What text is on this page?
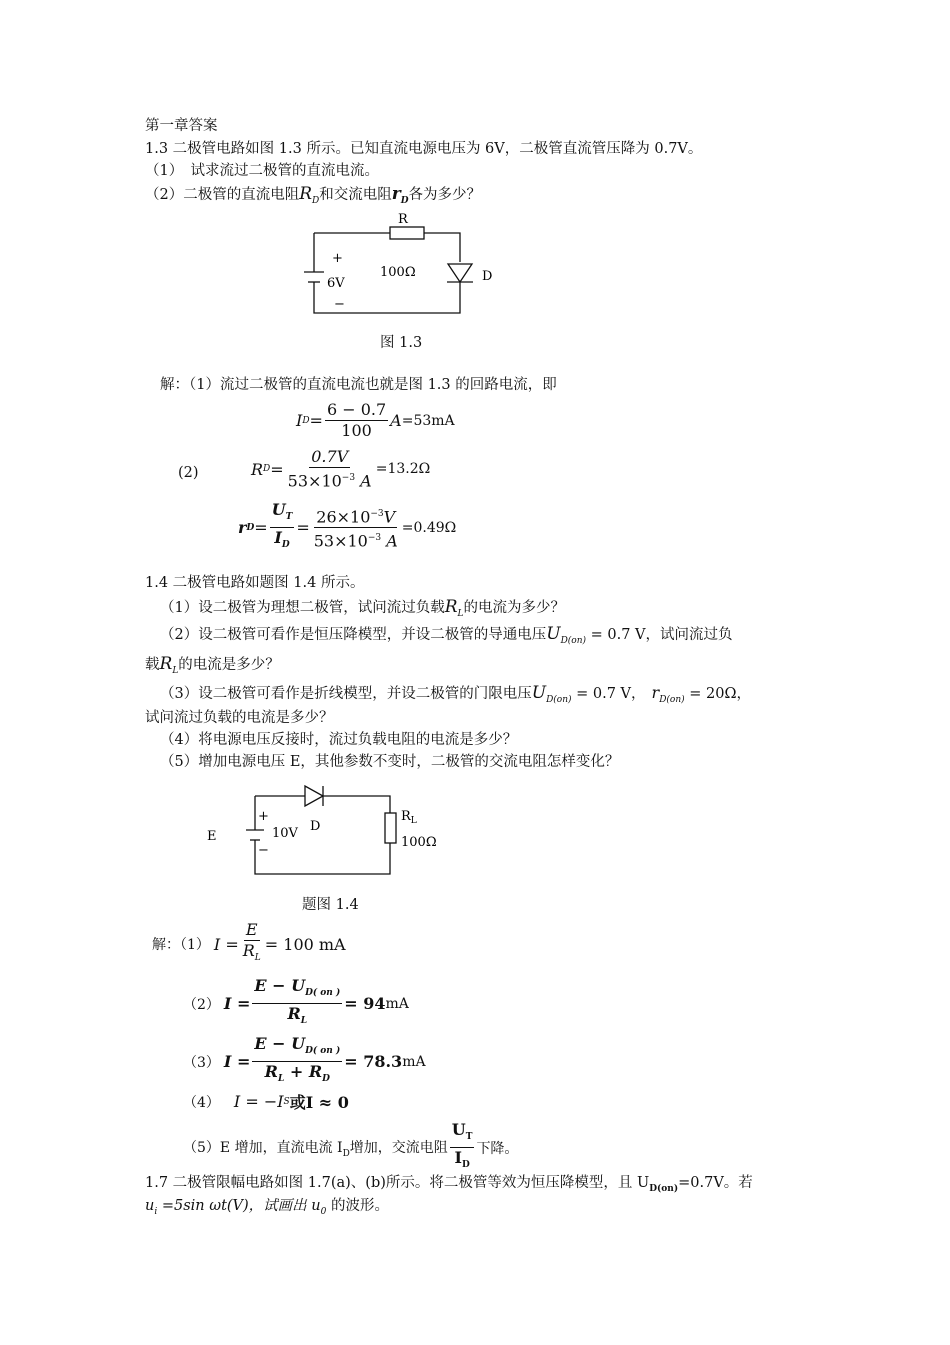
第一章答案
1.3 二极管电路如图 1.3 所示。已知直流电源电压为 6V，二极管直流管压降为 0.7V。
（1）　试求流过二极管的直流电流。
（2）二极管的直流电阻$R_D$和交流电阻$r_D$各为多少？
R
+
6V
−
100Ω	D
图 1.3
解：（1）流过二极管的直流电流也就是图 1.3 的回路电流，即
I $D = \frac{6 - 0.7}{100}$ A =53mA
(2)	R $D = \frac{0.7V}{53\times 10^{-3} A} =13.2\Omega$
r $D = \frac{U_T}{I_D} = \frac{26\times 10^{-3}V}{53\times 10^{-3} A} =0.49\Omega$
1.4 二极管电路如题图 1.4 所示。
（1）设二极管为理想二极管，试问流过负载$R_L$的电流为多少？
（2）设二极管可看作是恒压降模型，并设二极管的导通电压$U_{D(on)} = 0.7$ V，试问流过负
载$R_L$的电流是多少？
（3）设二极管可看作是折线模型，并设二极管的门限电压$U_{D(on)} = 0.7$ V， $r_{D(on)} = 20\Omega$，
试问流过负载的电流是多少？
（4）将电源电压反接时，流过负载电阻的电流是多少？
（5）增加电源电压 E，其他参数不变时，二极管的交流电阻怎样变化？
E
+
10V
−
D
$R_L$
100Ω
题图 1.4
解：（1） $I = \frac{E}{R_L} = 100$ mA
（2） $I = \frac{E - U_{D( on )}}{R_L} = 94$ mA
（3） $I = \frac{E - U_{D( on )}}{R_L + R_D} = 78.3$ mA
（4） I = −I S 或I ≈ 0
（5）E 增加，直流电流 $I_D$增加，交流电阻
$U_T$
$I_D$
下降。
1.7 二极管限幅电路如图 1.7(a)、(b)所示。将二极管等效为恒压降模型，且 $U_{D(on)}=0.7V$。若
$u_i =5\sin$ ωt(V)，试画出 $u_0$ 的波形。
